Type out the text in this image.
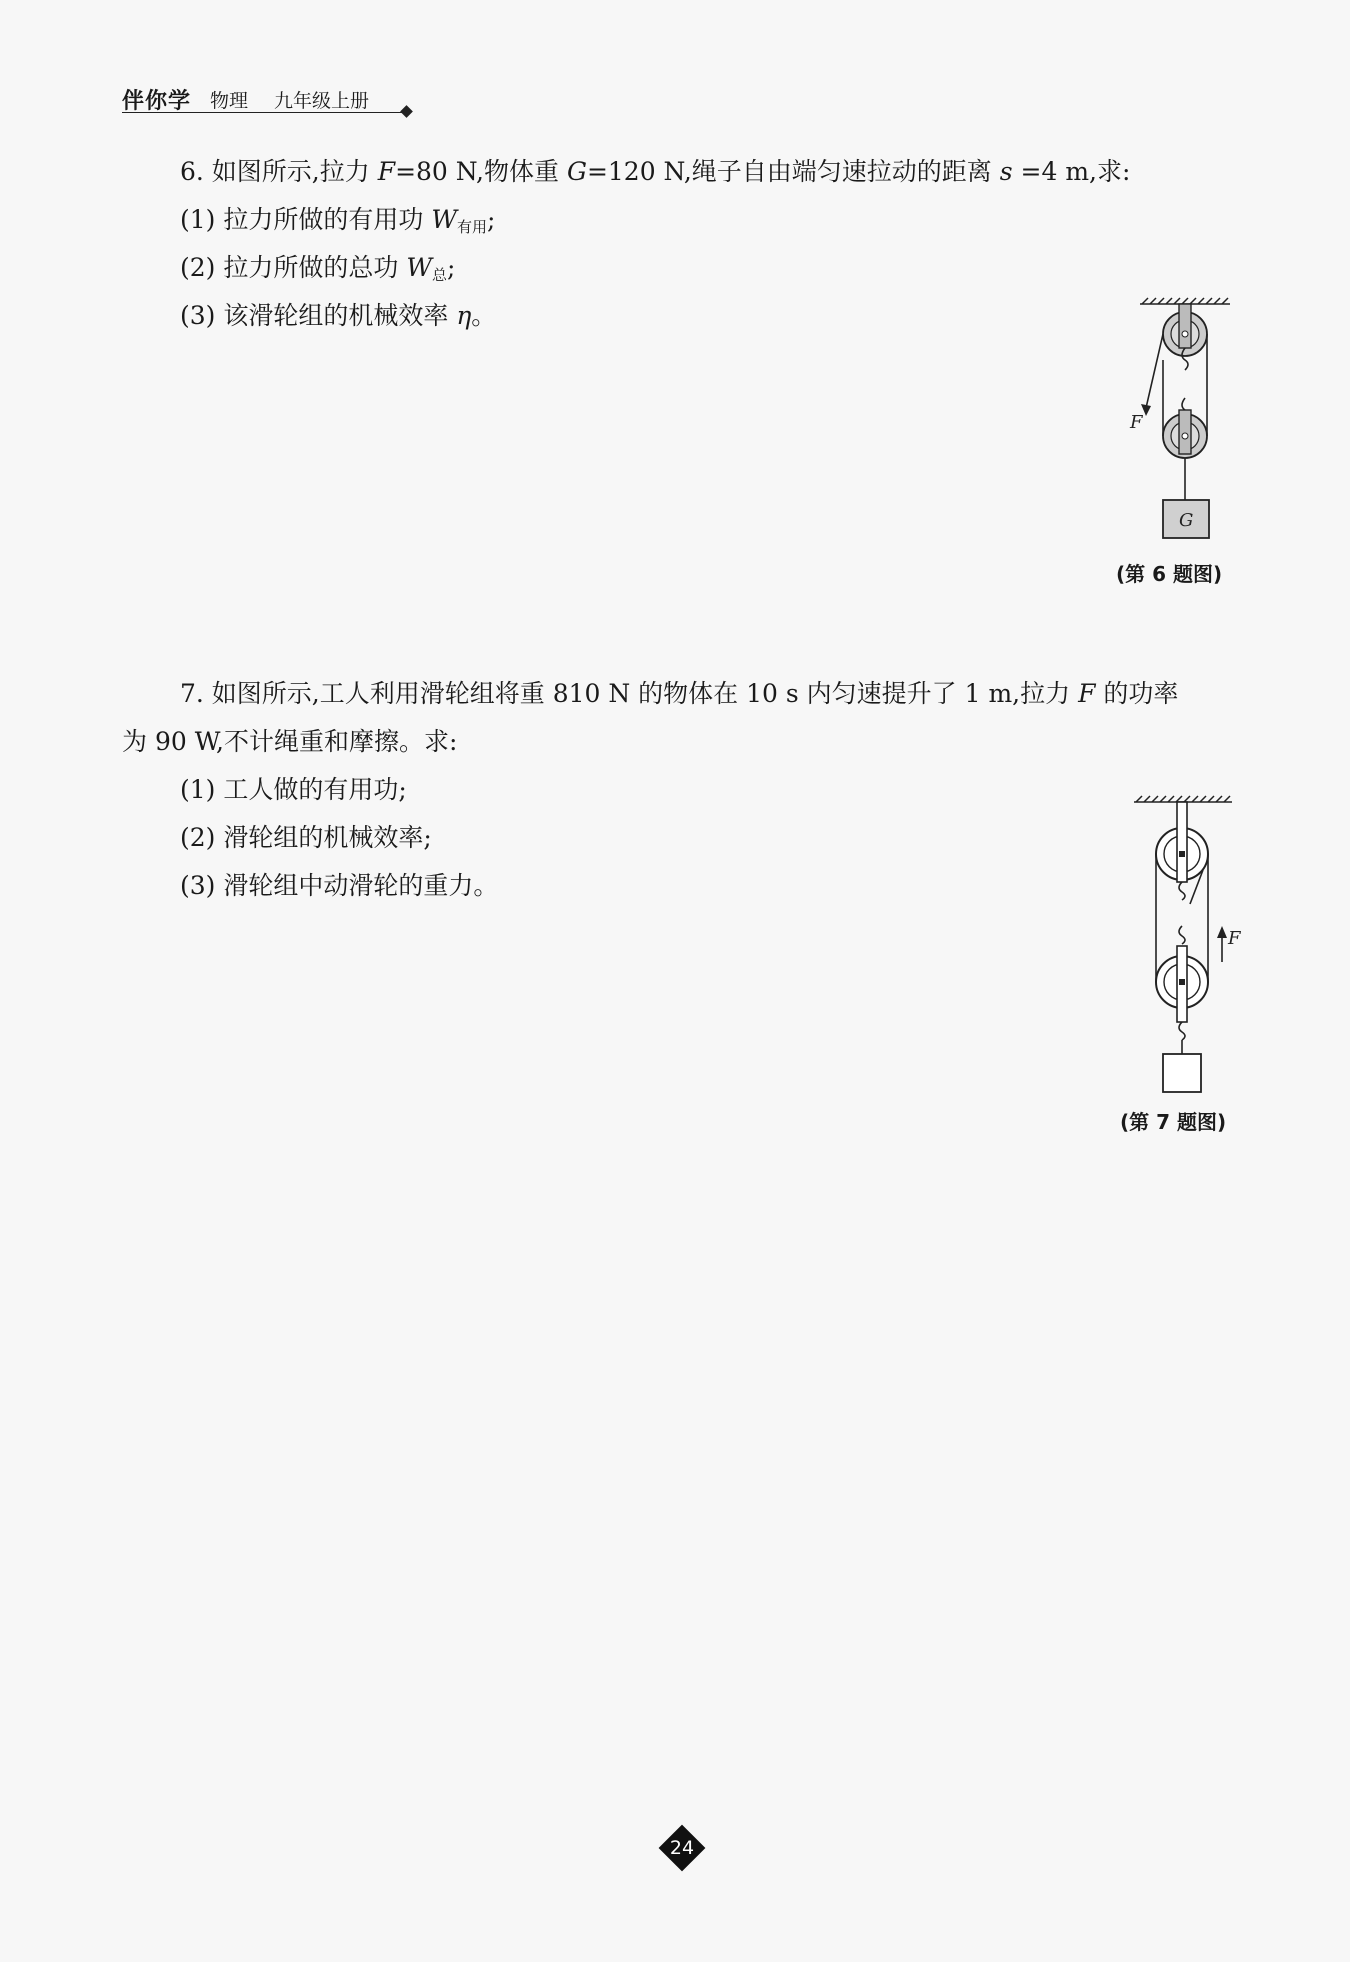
伴你学 物理 九年级上册
6. 如图所示,拉力 F=80 N,物体重 G=120 N,绳子自由端匀速拉动的距离 s =4 m,求:
(1) 拉力所做的有用功 $W_{有用}$;
(2) 拉力所做的总功 $W_总$;
(3) 该滑轮组的机械效率 η。
F
G
(第 6 题图)
7. 如图所示,工人利用滑轮组将重 810 N 的物体在 10 s 内匀速提升了 1 m,拉力 F 的功率
为 90 W,不计绳重和摩擦。求:
(1) 工人做的有用功;
(2) 滑轮组的机械效率;
(3) 滑轮组中动滑轮的重力。
F
(第 7 题图)
24
